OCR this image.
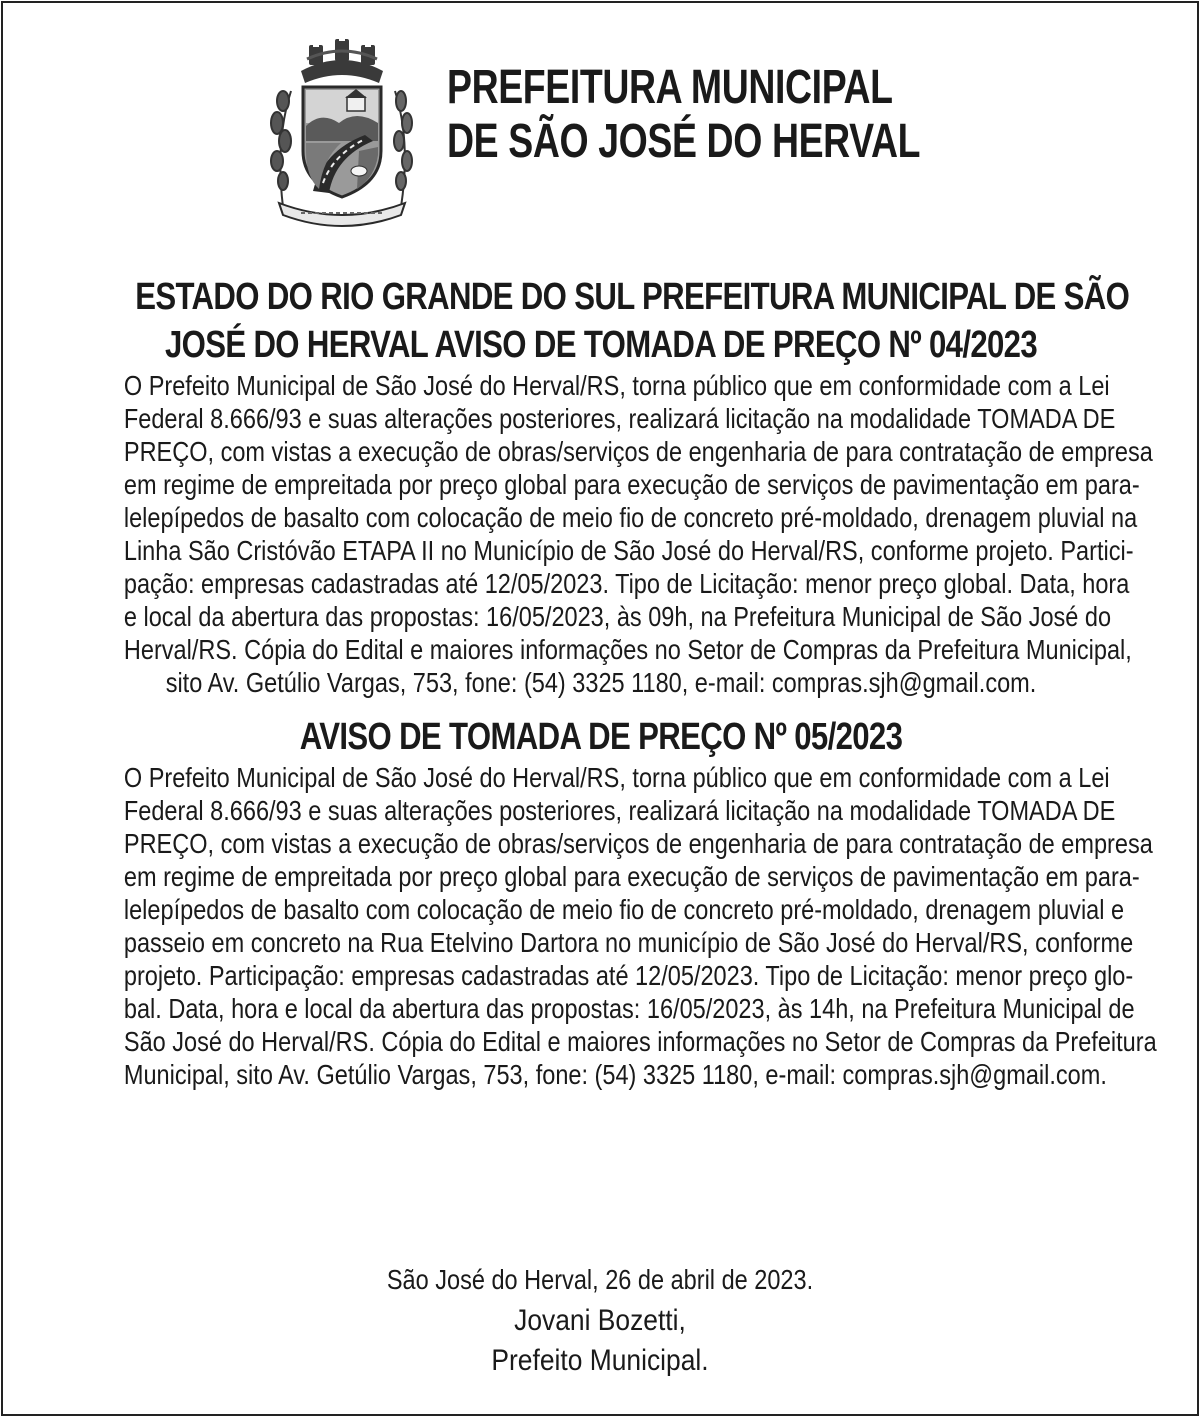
PREFEITURA MUNICIPAL
DE SÃO JOSÉ DO HERVAL
ESTADO DO RIO GRANDE DO SUL PREFEITURA MUNICIPAL DE SÃO
JOSÉ DO HERVAL AVISO DE TOMADA DE PREÇO Nº 04/2023

O Prefeito Municipal de São José do Herval/RS, torna público que em conformidade com a Lei
Federal 8.666/93 e suas alterações posteriores, realizará licitação na modalidade TOMADA DE
PREÇO, com vistas a execução de obras/serviços de engenharia de para contratação de empresa
em regime de empreitada por preço global para execução de serviços de pavimentação em para-
lelepípedos de basalto com colocação de meio fio de concreto pré-moldado, drenagem pluvial na
Linha São Cristóvão ETAPA II no Município de São José do Herval/RS, conforme projeto. Partici-
pação: empresas cadastradas até 12/05/2023. Tipo de Licitação: menor preço global. Data, hora
e local da abertura das propostas: 16/05/2023, às 09h, na Prefeitura Municipal de São José do
Herval/RS. Cópia do Edital e maiores informações no Setor de Compras da Prefeitura Municipal,
sito Av. Getúlio Vargas, 753, fone: (54) 3325 1180, e-mail: compras.sjh@gmail.com.

AVISO DE TOMADA DE PREÇO Nº 05/2023

O Prefeito Municipal de São José do Herval/RS, torna público que em conformidade com a Lei
Federal 8.666/93 e suas alterações posteriores, realizará licitação na modalidade TOMADA DE
PREÇO, com vistas a execução de obras/serviços de engenharia de para contratação de empresa
em regime de empreitada por preço global para execução de serviços de pavimentação em para-
lelepípedos de basalto com colocação de meio fio de concreto pré-moldado, drenagem pluvial e
passeio em concreto na Rua Etelvino Dartora no município de São José do Herval/RS, conforme
projeto. Participação: empresas cadastradas até 12/05/2023. Tipo de Licitação: menor preço glo-
bal. Data, hora e local da abertura das propostas: 16/05/2023, às 14h, na Prefeitura Municipal de
São José do Herval/RS. Cópia do Edital e maiores informações no Setor de Compras da Prefeitura
Municipal, sito Av. Getúlio Vargas, 753, fone: (54) 3325 1180, e-mail: compras.sjh@gmail.com.

São José do Herval, 26 de abril de 2023.
Jovani Bozetti,
Prefeito Municipal.
